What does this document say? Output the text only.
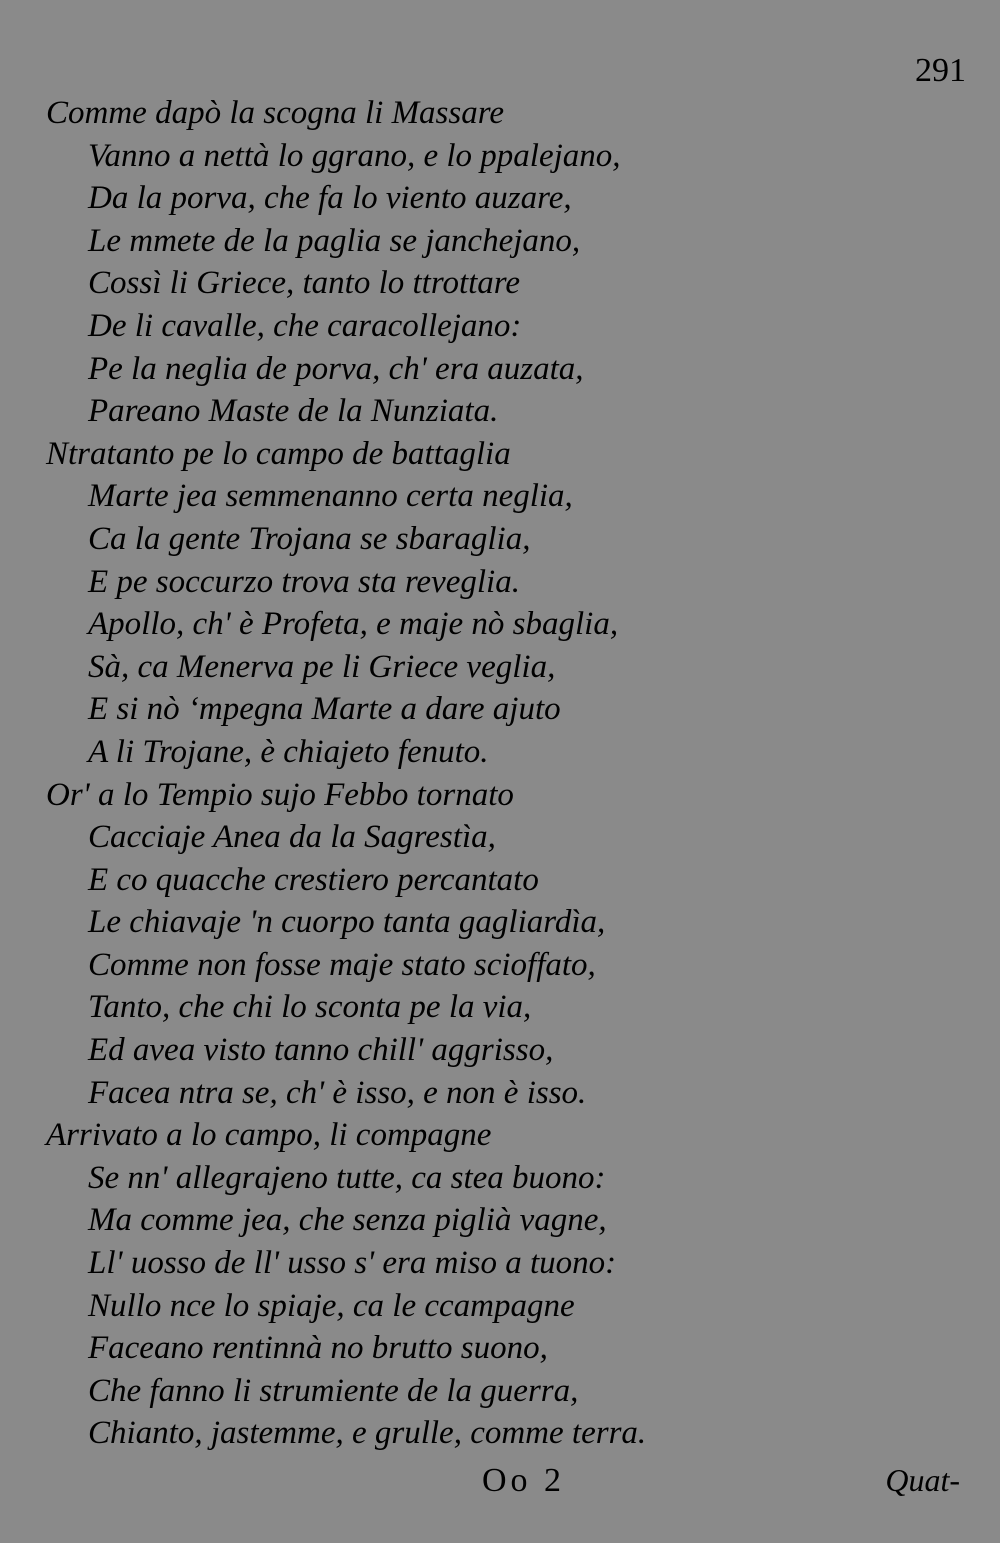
291
Comme dapò la scogna li Massare
Vanno a nettà lo ggrano, e lo ppalejano,
Da la porva, che fa lo viento auzare,
Le mmete de la paglia se janchejano,
Cossì li Griece, tanto lo ttrottare
De li cavalle, che caracollejano:
Pe la neglia de porva, ch' era auzata,
Pareano Maste de la Nunziata.
Ntratanto pe lo campo de battaglia
Marte jea semmenanno certa neglia,
Ca la gente Trojana se sbaraglia,
E pe soccurzo trova sta reveglia.
Apollo, ch' è Profeta, e maje nò sbaglia,
Sà, ca Menerva pe li Griece veglia,
E si nò ‘mpegna Marte a dare ajuto
A li Trojane, è chiajeto fenuto.
Or' a lo Tempio sujo Febbo tornato
Cacciaje Anea da la Sagrestìa,
E co quacche crestiero percantato
Le chiavaje 'n cuorpo tanta gagliardìa,
Comme non fosse maje stato scioffato,
Tanto, che chi lo sconta pe la via,
Ed avea visto tanno chill' aggrisso,
Facea ntra se, ch' è isso, e non è isso.
Arrivato a lo campo, li compagne
Se nn' allegrajeno tutte, ca stea buono:
Ma comme jea, che senza piglià vagne,
Ll' uosso de ll' usso s' era miso a tuono:
Nullo nce lo spiaje, ca le ccampagne
Faceano rentinnà no brutto suono,
Che fanno li strumiente de la guerra,
Chianto, jastemme, e grulle, comme terra.
Oo 2	Quat-
